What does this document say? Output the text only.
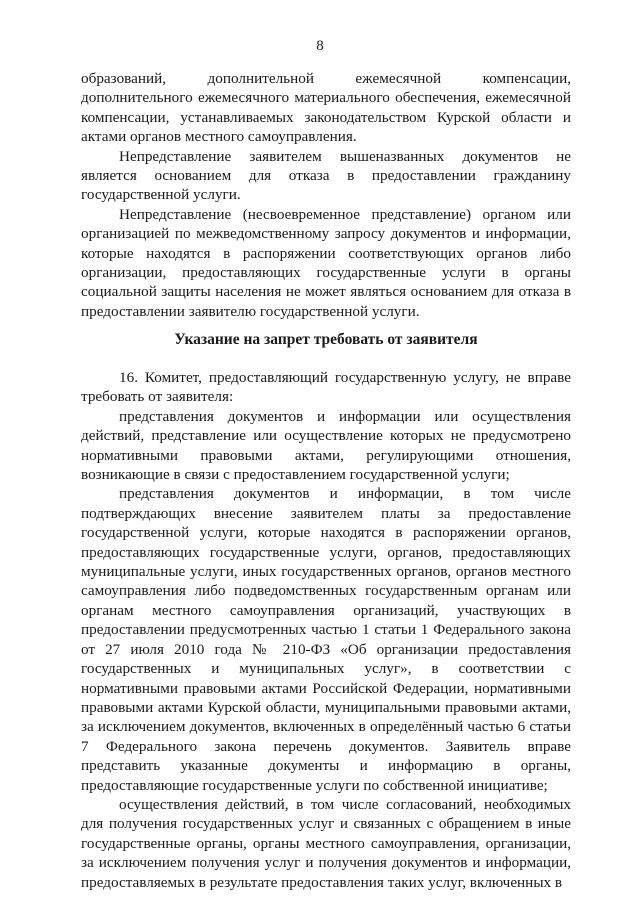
8

образований, дополнительной ежемесячной компенсации, дополнительного ежемесячного материального обеспечения, ежемесячной компенсации, устанавливаемых законодательством Курской области и актами органов местного самоуправления.

Непредставление заявителем вышеназванных документов не является основанием для отказа в предоставлении гражданину государственной услуги.

Непредставление (несвоевременное представление) органом или организацией по межведомственному запросу документов и информации, которые находятся в распоряжении соответствующих органов либо организации, предоставляющих государственные услуги в органы социальной защиты населения не может являться основанием для отказа в предоставлении заявителю государственной услуги.

Указание на запрет требовать от заявителя

16. Комитет, предоставляющий государственную услугу, не вправе требовать от заявителя:

представления документов и информации или осуществления действий, представление или осуществление которых не предусмотрено нормативными правовыми актами, регулирующими отношения, возникающие в связи с предоставлением государственной услуги;

представления документов и информации, в том числе подтверждающих внесение заявителем платы за предоставление государственной услуги, которые находятся в распоряжении органов, предоставляющих государственные услуги, органов, предоставляющих муниципальные услуги, иных государственных органов, органов местного самоуправления либо подведомственных государственным органам или органам местного самоуправления организаций, участвующих в предоставлении предусмотренных частью 1 статьи 1 Федерального закона от 27 июля 2010 года № 210-ФЗ «Об организации предоставления государственных и муниципальных услуг», в соответствии с нормативными правовыми актами Российской Федерации, нормативными правовыми актами Курской области, муниципальными правовыми актами, за исключением документов, включенных в определённый частью 6 статьи 7 Федерального закона перечень документов. Заявитель вправе представить указанные документы и информацию в органы, предоставляющие государственные услуги по собственной инициативе;

осуществления действий, в том числе согласований, необходимых для получения государственных услуг и связанных с обращением в иные государственные органы, органы местного самоуправления, организации, за исключением получения услуг и получения документов и информации, предоставляемых в результате предоставления таких услуг, включенных в
